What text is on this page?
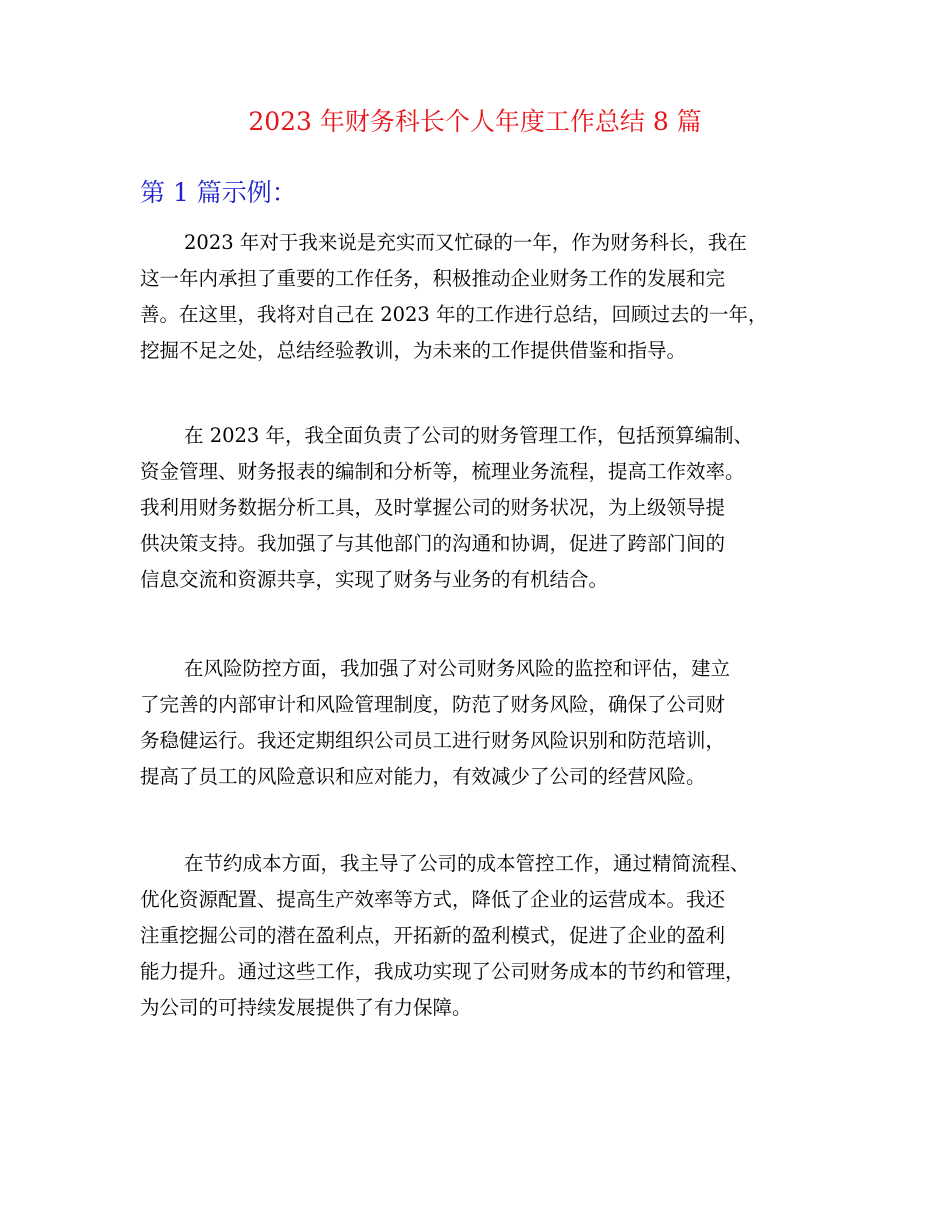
2023 年财务科长个人年度工作总结 8 篇
第 1 篇示例：
2023 年对于我来说是充实而又忙碌的一年，作为财务科长，我在
这一年内承担了重要的工作任务，积极推动企业财务工作的发展和完
善。在这里，我将对自己在 2023 年的工作进行总结，回顾过去的一年，
挖掘不足之处，总结经验教训，为未来的工作提供借鉴和指导。
在 2023 年，我全面负责了公司的财务管理工作，包括预算编制、
资金管理、财务报表的编制和分析等，梳理业务流程，提高工作效率。
我利用财务数据分析工具，及时掌握公司的财务状况，为上级领导提
供决策支持。我加强了与其他部门的沟通和协调，促进了跨部门间的
信息交流和资源共享，实现了财务与业务的有机结合。
在风险防控方面，我加强了对公司财务风险的监控和评估，建立
了完善的内部审计和风险管理制度，防范了财务风险，确保了公司财
务稳健运行。我还定期组织公司员工进行财务风险识别和防范培训，
提高了员工的风险意识和应对能力，有效减少了公司的经营风险。
在节约成本方面，我主导了公司的成本管控工作，通过精简流程、
优化资源配置、提高生产效率等方式，降低了企业的运营成本。我还
注重挖掘公司的潜在盈利点，开拓新的盈利模式，促进了企业的盈利
能力提升。通过这些工作，我成功实现了公司财务成本的节约和管理，
为公司的可持续发展提供了有力保障。
